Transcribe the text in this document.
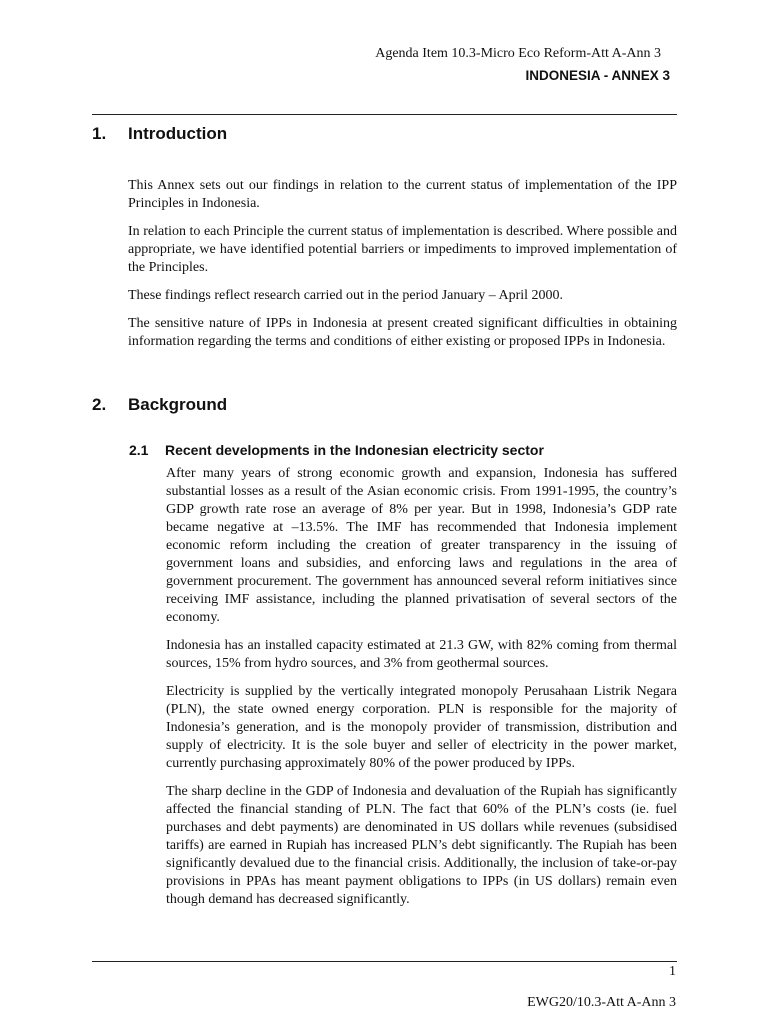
Agenda Item 10.3-Micro Eco Reform-Att A-Ann 3
INDONESIA - ANNEX 3
1. Introduction

This Annex sets out our findings in relation to the current status of implementation of the IPP Principles in Indonesia.

In relation to each Principle the current status of implementation is described. Where possible and appropriate, we have identified potential barriers or impediments to improved implementation of the Principles.

These findings reflect research carried out in the period January – April 2000.

The sensitive nature of IPPs in Indonesia at present created significant difficulties in obtaining information regarding the terms and conditions of either existing or proposed IPPs in Indonesia.

2. Background
2.1 Recent developments in the Indonesian electricity sector

After many years of strong economic growth and expansion, Indonesia has suffered substantial losses as a result of the Asian economic crisis. From 1991-1995, the country’s GDP growth rate rose an average of 8% per year. But in 1998, Indonesia’s GDP rate became negative at –13.5%. The IMF has recommended that Indonesia implement economic reform including the creation of greater transparency in the issuing of government loans and subsidies, and enforcing laws and regulations in the area of government procurement. The government has announced several reform initiatives since receiving IMF assistance, including the planned privatisation of several sectors of the economy.

Indonesia has an installed capacity estimated at 21.3 GW, with 82% coming from thermal sources, 15% from hydro sources, and 3% from geothermal sources.

Electricity is supplied by the vertically integrated monopoly Perusahaan Listrik Negara (PLN), the state owned energy corporation. PLN is responsible for the majority of Indonesia’s generation, and is the monopoly provider of transmission, distribution and supply of electricity. It is the sole buyer and seller of electricity in the power market, currently purchasing approximately 80% of the power produced by IPPs.

The sharp decline in the GDP of Indonesia and devaluation of the Rupiah has significantly affected the financial standing of PLN. The fact that 60% of the PLN’s costs (ie. fuel purchases and debt payments) are denominated in US dollars while revenues (subsidised tariffs) are earned in Rupiah has increased PLN’s debt significantly. The Rupiah has been significantly devalued due to the financial crisis. Additionally, the inclusion of take-or-pay provisions in PPAs has meant payment obligations to IPPs (in US dollars) remain even though demand has decreased significantly.

1
EWG20/10.3-Att A-Ann 3
